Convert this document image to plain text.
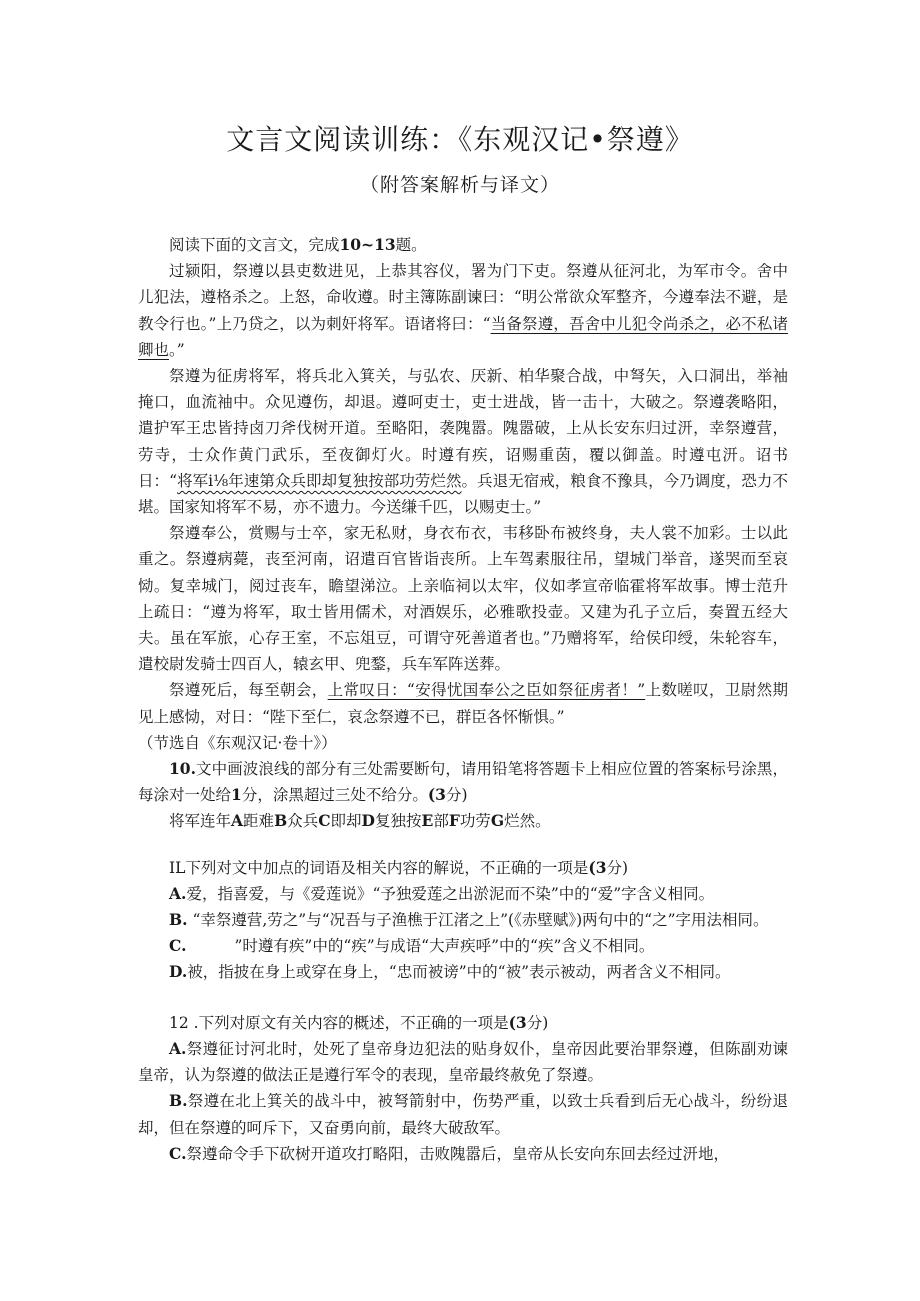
文言文阅读训练：《东观汉记•祭遵》
（附答案解析与译文）

阅读下面的文言文，完成10~13题。

过颍阳，祭遵以县吏数进见，上恭其容仪，署为门下吏。祭遵从征河北，为军市令。舍中儿犯法，遵格杀之。上怒，命收遵。时主簿陈副谏曰：“明公常欲众军整齐，今遵奉法不避，是教令行也。”上乃贷之，以为刺奸将军。语诸将曰：“当备祭遵，吾舍中儿犯令尚杀之，必不私诸卿也。”

祭遵为征虏将军，将兵北入箕关，与弘农、厌新、柏华聚合战，中弩矢，入口洞出，举袖掩口，血流袖中。众见遵伤，却退。遵呵吏士，吏士进战，皆一击十，大破之。祭遵袭略阳，遣护军王忠皆持卤刀斧伐树开道。至略阳，袭隗嚣。隗嚣破，上从长安东归过汧，幸祭遵营，劳寺，士众作黄门武乐，至夜御灯火。时遵有疾，诏赐重茵，覆以御盖。时遵屯汧。诏书日：“将军ⅰ⅛年速第众兵即却复独按部功劳烂然。兵退无宿戒，粮食不豫具，今乃调度，恐力不堪。国家知将军不易，亦不遗力。今送缣千匹，以赐吏士。”

祭遵奉公，赏赐与士卒，家无私财，身衣布衣，韦移卧布被终身，夫人裳不加彩。士以此重之。祭遵病薨，丧至河南，诏遣百官皆诣丧所。上车驾素服往吊，望城门举音，遂哭而至哀恸。复幸城门，阅过丧车，瞻望涕泣。上亲临祠以太牢，仪如孝宣帝临霍将军故事。博士范升上疏日：“遵为将军，取士皆用儒术，对酒娱乐，必雅歌投壶。又建为孔子立后，奏置五经大夫。虽在军旅，心存王室，不忘俎豆，可谓守死善道者也。”乃赠将军，给侯印绶，朱轮容车，遣校尉发骑士四百人，辕玄甲、兜鍪，兵车军阵送葬。

祭遵死后，每至朝会，上常叹日：“安得忧国奉公之臣如祭征虏者！”上数嗟叹，卫尉然期见上感恸，对日：“陛下至仁，哀念祭遵不已，群臣各怀惭惧。”

（节选自《东观汉记·卷十》）

10.文中画波浪线的部分有三处需要断句，请用铅笔将答题卡上相应位置的答案标号涂黑，每涂对一处给1分，涂黑超过三处不给分。(3分)

将军连年A距难B众兵C即却D复独按E部F功劳G烂然。

IL下列对文中加点的词语及相关内容的解说，不正确的一项是(3分)

A.爱，指喜爱，与《爱莲说》“予独爱莲之出淤泥而不染”中的“爱”字含义相同。

B. “幸祭遵营,劳之”与“况吾与子渔樵于江渚之上”(《赤壁赋》)两句中的“之”字用法相同。

C.	”时遵有疾”中的“疾”与成语“大声疾呼”中的“疾”含义不相同。

D.被，指披在身上或穿在身上，“忠而被谤”中的“被”表示被动，两者含义不相同。

12 .下列对原文有关内容的概述，不正确的一项是(3分)

A.祭遵征讨河北时，处死了皇帝身边犯法的贴身奴仆，皇帝因此要治罪祭遵，但陈副劝谏皇帝，认为祭遵的做法正是遵行军令的表现，皇帝最终赦免了祭遵。

B.祭遵在北上箕关的战斗中，被弩箭射中，伤势严重，以致士兵看到后无心战斗，纷纷退却，但在祭遵的呵斥下，又奋勇向前，最终大破敌军。

C.祭遵命令手下砍树开道攻打略阳，击败隗嚣后，皇帝从长安向东回去经过汧地，
